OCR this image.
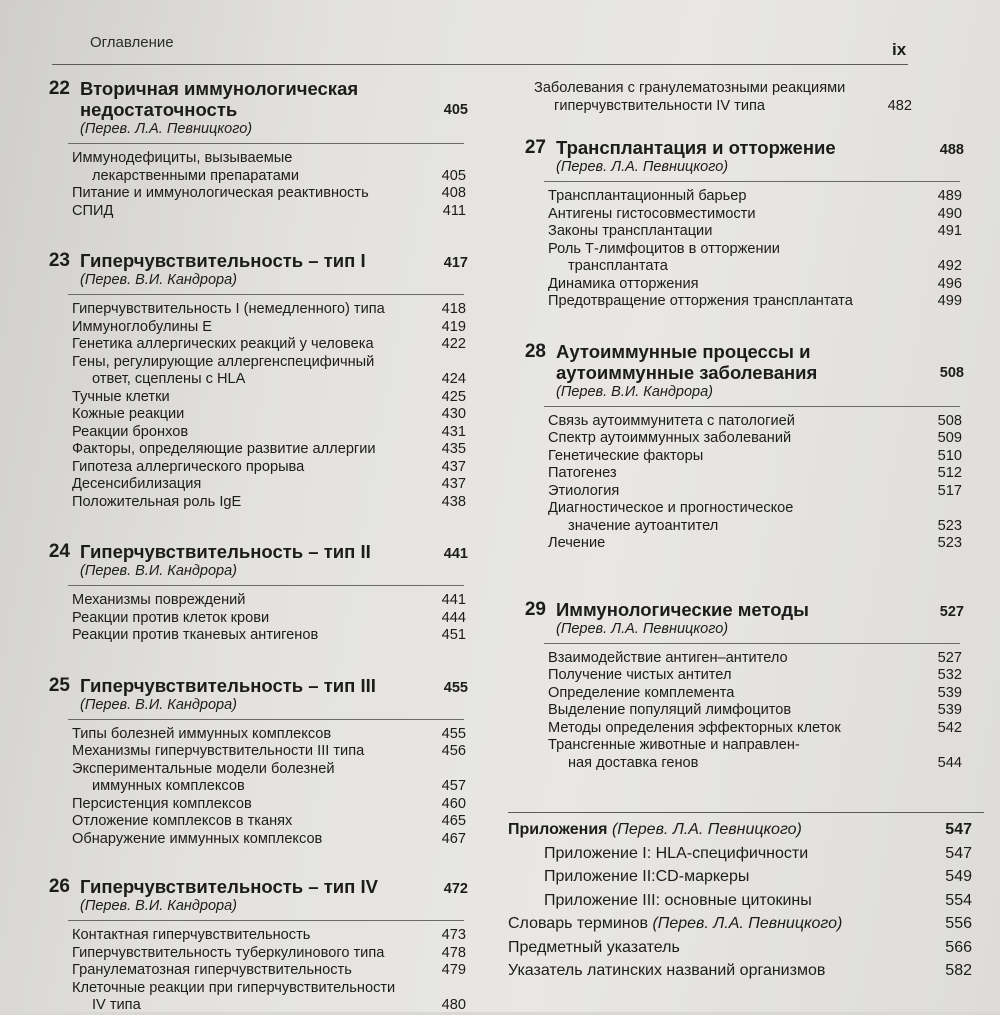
Оглавление	ix
22 Вторичная иммунологическая недостаточность	405
(Перев. Л.А. Певницкого)
Иммунодефициты, вызываемые
лекарственными препаратами	405
Питание и иммунологическая реактивность	408
СПИД	411
23 Гиперчувствительность – тип I	417
(Перев. В.И. Кандрора)
Гиперчувствительность I (немедленного) типа	418
Иммуноглобулины Е	419
Генетика аллергических реакций у человека	422
Гены, регулирующие аллергенспецифичный
ответ, сцеплены с HLA	424
Тучные клетки	425
Кожные реакции	430
Реакции бронхов	431
Факторы, определяющие развитие аллергии	435
Гипотеза аллергического прорыва	437
Десенсибилизация	437
Положительная роль IgE	438
24 Гиперчувствительность – тип II	441
(Перев. В.И. Кандрора)
Механизмы повреждений	441
Реакции против клеток крови	444
Реакции против тканевых антигенов	451
25 Гиперчувствительность – тип III	455
(Перев. В.И. Кандрора)
Типы болезней иммунных комплексов	455
Механизмы гиперчувствительности III типа	456
Экспериментальные модели болезней
иммунных комплексов	457
Персистенция комплексов	460
Отложение комплексов в тканях	465
Обнаружение иммунных комплексов	467
26 Гиперчувствительность – тип IV	472
(Перев. В.И. Кандрора)
Контактная гиперчувствительность	473
Гиперчувствительность туберкулинового типа	478
Гранулематозная гиперчувствительность	479
Клеточные реакции при гиперчувствительности
IV типа	480
Заболевания с гранулематозными реакциями
гиперчувствительности IV типа	482
27 Трансплантация и отторжение	488
(Перев. Л.А. Певницкого)
Трансплантационный барьер	489
Антигены гистосовместимости	490
Законы трансплантации	491
Роль Т-лимфоцитов в отторжении
трансплантата	492
Динамика отторжения	496
Предотвращение отторжения трансплантата	499
28 Аутоиммунные процессы и аутоиммунные заболевания	508
(Перев. В.И. Кандрора)
Связь аутоиммунитета с патологией	508
Спектр аутоиммунных заболеваний	509
Генетические факторы	510
Патогенез	512
Этиология	517
Диагностическое и прогностическое
значение аутоантител	523
Лечение	523
29 Иммунологические методы	527
(Перев. Л.А. Певницкого)
Взаимодействие антиген–антитело	527
Получение чистых антител	532
Определение комплемента	539
Выделение популяций лимфоцитов	539
Методы определения эффекторных клеток	542
Трансгенные животные и направлен-
ная доставка генов	544
Приложения (Перев. Л.А. Певницкого)	547
Приложение I: HLA-специфичности	547
Приложение II:CD-маркеры	549
Приложение III: основные цитокины	554
Словарь терминов (Перев. Л.А. Певницкого)	556
Предметный указатель	566
Указатель латинских названий организмов	582
